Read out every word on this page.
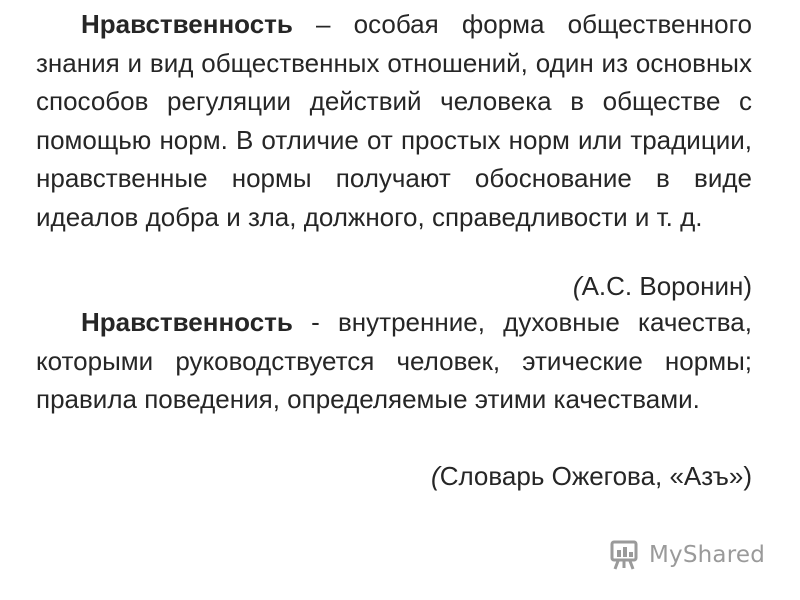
Нравственность – особая форма общественного знания и вид общественных отношений, один из основных способов регуляции действий человека в обществе с помощью норм. В отличие от простых норм или традиции, нравственные нормы получают обоснование в виде идеалов добра и зла, должного, справедливости и т. д.

(А.С. Воронин)

Нравственность - внутренние, духовные качества, которыми руководствуется человек, этические нормы; правила поведения, определяемые этими качествами.

(Словарь Ожегова, «Азъ»)

MyShared
